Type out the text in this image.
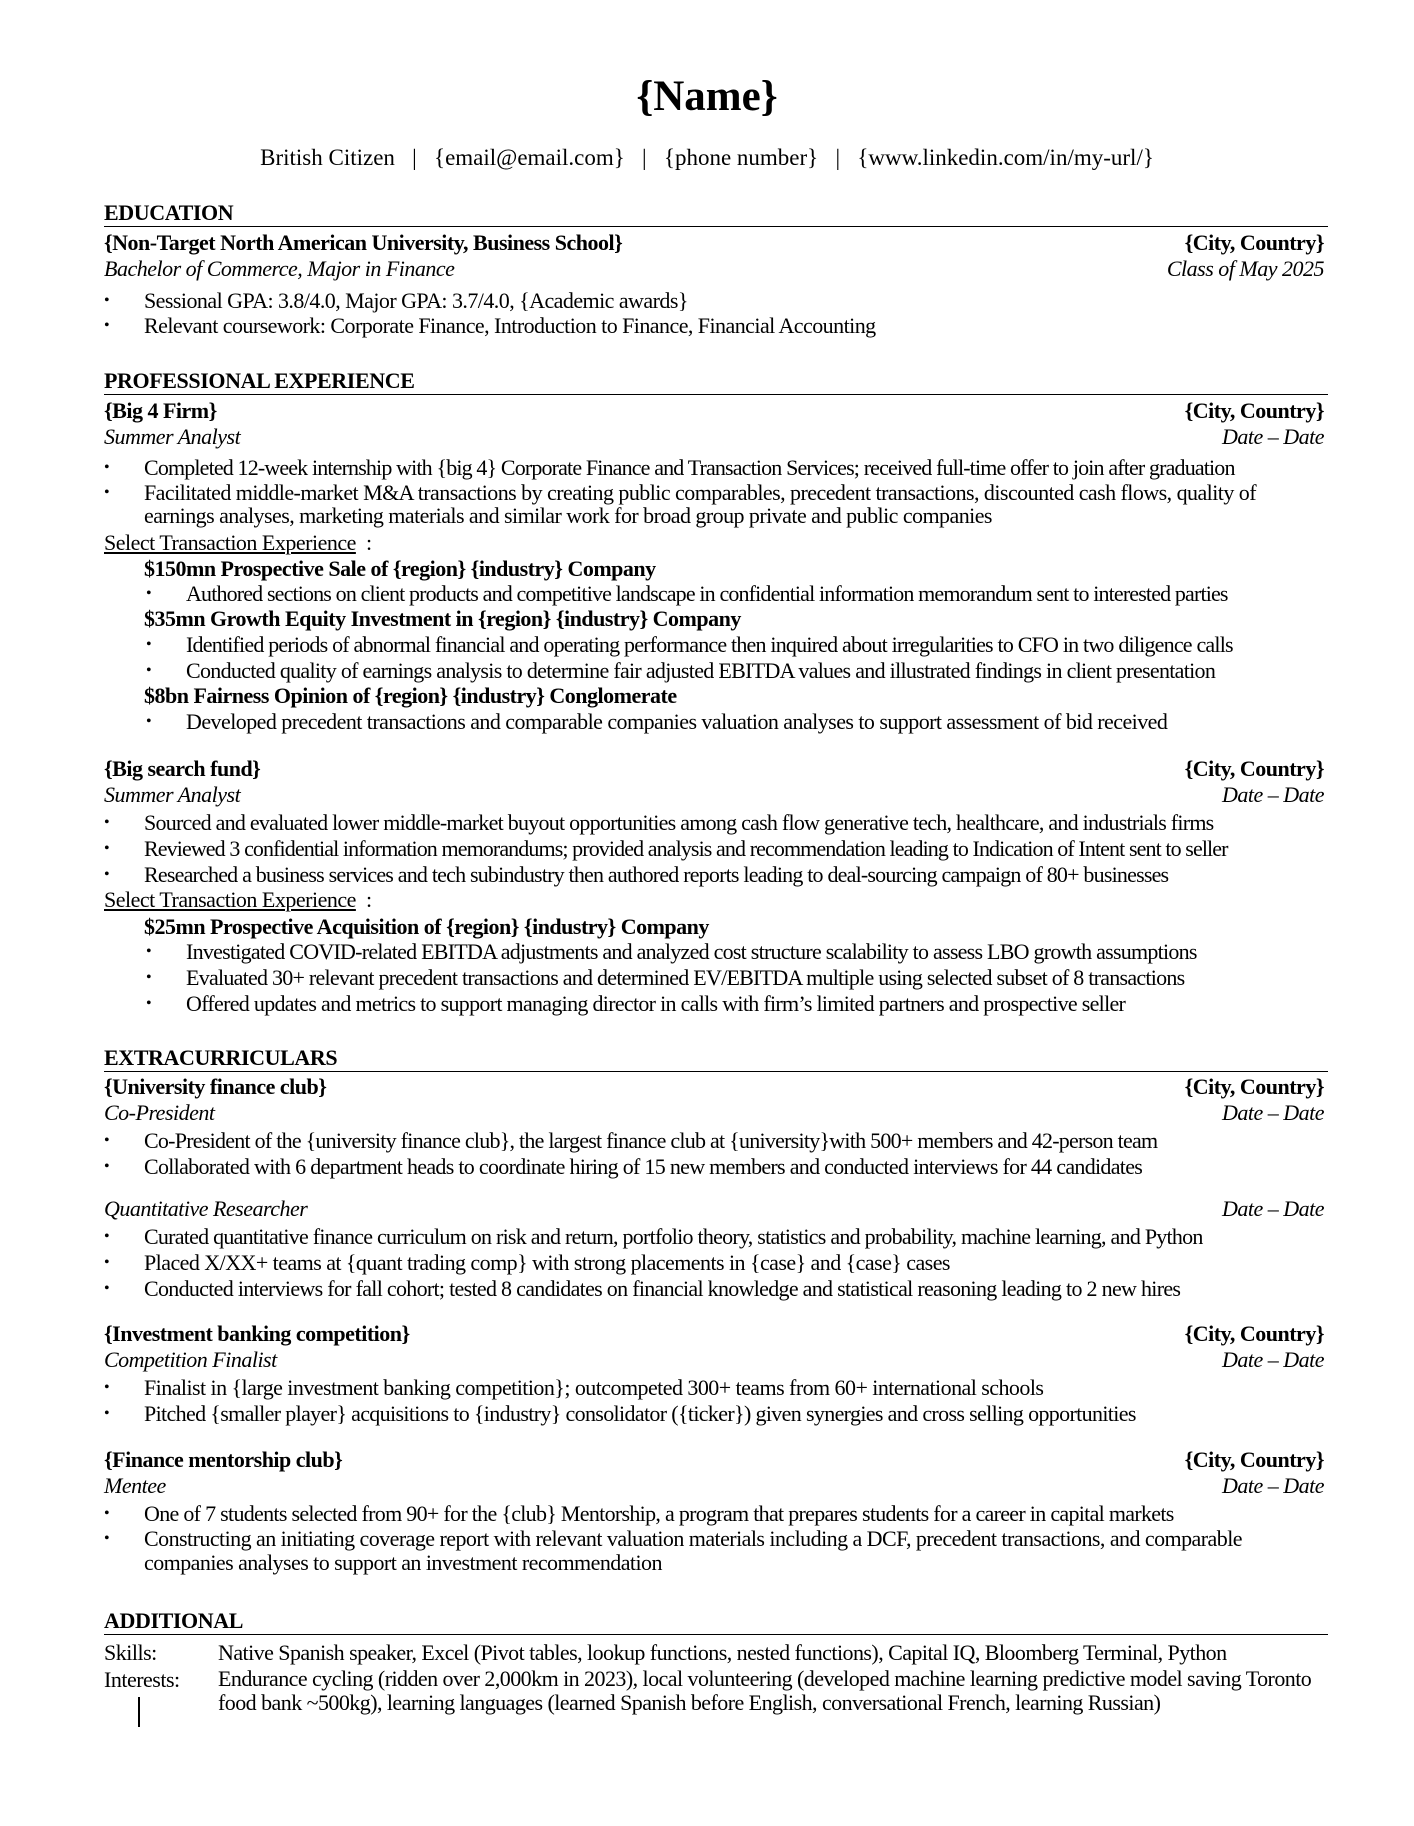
{Name}
British Citizen   |   {email@email.com}   |   {phone number}   |   {www.linkedin.com/in/my-url/}
EDUCATION
{Non-Target North American University, Business School}	{City, Country}
Bachelor of Commerce, Major in Finance	Class of May 2025
• Sessional GPA: 3.8/4.0, Major GPA: 3.7/4.0, {Academic awards}
• Relevant coursework: Corporate Finance, Introduction to Finance, Financial Accounting
PROFESSIONAL EXPERIENCE
{Big 4 Firm}	{City, Country}
Summer Analyst	Date – Date
• Completed 12-week internship with {big 4} Corporate Finance and Transaction Services; received full-time offer to join after graduation
• Facilitated middle-market M&A transactions by creating public comparables, precedent transactions, discounted cash flows, quality of earnings analyses, marketing materials and similar work for broad group private and public companies
Select Transaction Experience :
$150mn Prospective Sale of {region} {industry} Company
• Authored sections on client products and competitive landscape in confidential information memorandum sent to interested parties
$35mn Growth Equity Investment in {region} {industry} Company
• Identified periods of abnormal financial and operating performance then inquired about irregularities to CFO in two diligence calls
• Conducted quality of earnings analysis to determine fair adjusted EBITDA values and illustrated findings in client presentation
$8bn Fairness Opinion of {region} {industry} Conglomerate
• Developed precedent transactions and comparable companies valuation analyses to support assessment of bid received
{Big search fund}	{City, Country}
Summer Analyst	Date – Date
• Sourced and evaluated lower middle-market buyout opportunities among cash flow generative tech, healthcare, and industrials firms
• Reviewed 3 confidential information memorandums; provided analysis and recommendation leading to Indication of Intent sent to seller
• Researched a business services and tech subindustry then authored reports leading to deal-sourcing campaign of 80+ businesses
Select Transaction Experience :
$25mn Prospective Acquisition of {region} {industry} Company
• Investigated COVID-related EBITDA adjustments and analyzed cost structure scalability to assess LBO growth assumptions
• Evaluated 30+ relevant precedent transactions and determined EV/EBITDA multiple using selected subset of 8 transactions
• Offered updates and metrics to support managing director in calls with firm’s limited partners and prospective seller
EXTRACURRICULARS
{University finance club}	{City, Country}
Co-President	Date – Date
• Co-President of the {university finance club}, the largest finance club at {university}with 500+ members and 42-person team
• Collaborated with 6 department heads to coordinate hiring of 15 new members and conducted interviews for 44 candidates
Quantitative Researcher	Date – Date
• Curated quantitative finance curriculum on risk and return, portfolio theory, statistics and probability, machine learning, and Python
• Placed X/XX+ teams at {quant trading comp} with strong placements in {case} and {case} cases
• Conducted interviews for fall cohort; tested 8 candidates on financial knowledge and statistical reasoning leading to 2 new hires
{Investment banking competition}	{City, Country}
Competition Finalist	Date – Date
• Finalist in {large investment banking competition}; outcompeted 300+ teams from 60+ international schools
• Pitched {smaller player} acquisitions to {industry} consolidator ({ticker}) given synergies and cross selling opportunities
{Finance mentorship club}	{City, Country}
Mentee	Date – Date
• One of 7 students selected from 90+ for the {club} Mentorship, a program that prepares students for a career in capital markets
• Constructing an initiating coverage report with relevant valuation materials including a DCF, precedent transactions, and comparable companies analyses to support an investment recommendation
ADDITIONAL
Skills:	Native Spanish speaker, Excel (Pivot tables, lookup functions, nested functions), Capital IQ, Bloomberg Terminal, Python
Interests: Endurance cycling (ridden over 2,000km in 2023), local volunteering (developed machine learning predictive model saving Toronto food bank ~500kg), learning languages (learned Spanish before English, conversational French, learning Russian)
